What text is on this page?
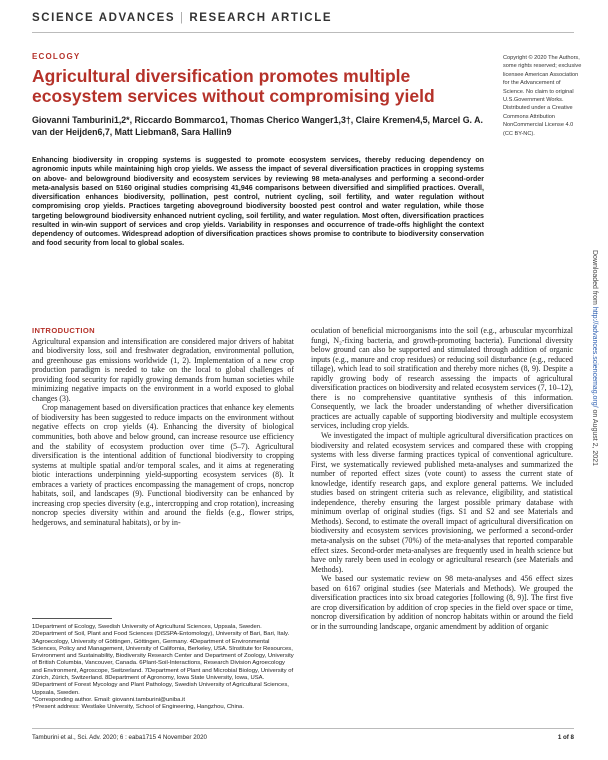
SCIENCE ADVANCES | RESEARCH ARTICLE
ECOLOGY
Agricultural diversification promotes multiple ecosystem services without compromising yield
Giovanni Tamburini1,2*, Riccardo Bommarco1, Thomas Cherico Wanger1,3†, Claire Kremen4,5, Marcel G. A. van der Heijden6,7, Matt Liebman8, Sara Hallin9
Copyright © 2020 The Authors, some rights reserved; exclusive licensee American Association for the Advancement of Science. No claim to original U.S.Government Works. Distributed under a Creative Commons Attribution NonCommercial License 4.0 (CC BY-NC).
Enhancing biodiversity in cropping systems is suggested to promote ecosystem services, thereby reducing dependency on agronomic inputs while maintaining high crop yields. We assess the impact of several diversification practices in cropping systems on above- and belowground biodiversity and ecosystem services by reviewing 98 meta-analyses and performing a second-order meta-analysis based on 5160 original studies comprising 41,946 comparisons between diversified and simplified practices. Overall, diversification enhances biodiversity, pollination, pest control, nutrient cycling, soil fertility, and water regulation without compromising crop yields. Practices targeting aboveground biodiversity boosted pest control and water regulation, while those targeting belowground biodiversity enhanced nutrient cycling, soil fertility, and water regulation. Most often, diversification practices resulted in win-win support of services and crop yields. Variability in responses and occurrence of trade-offs highlight the context dependency of outcomes. Widespread adoption of diversification practices shows promise to contribute to biodiversity conservation and food security from local to global scales.
INTRODUCTION

Agricultural expansion and intensification are considered major drivers of habitat and biodiversity loss, soil and freshwater degradation, environmental pollution, and greenhouse gas emissions worldwide (1, 2). Implementation of a new crop production paradigm is needed to take on the local to global challenges of providing food security for rapidly growing demands from human societies while minimizing negative impacts on the environment in a world exposed to global changes (3).

Crop management based on diversification practices that enhance key elements of biodiversity has been suggested to reduce impacts on the environment without negative effects on crop yields (4). Enhancing the diversity of biological communities, both above and below ground, can increase resource use efficiency and the stability of ecosystem production over time (5–7). Agricultural diversification is the intentional addition of functional biodiversity to cropping systems at multiple spatial and/or temporal scales, and it aims at regenerating biotic interactions underpinning yield-supporting ecosystem services (8). It embraces a variety of practices encompassing the management of crops, noncrop habitats, soil, and landscapes (9). Functional biodiversity can be enhanced by increasing crop species diversity (e.g., intercropping and crop rotation), increasing noncrop species diversity within and around the fields (e.g., flower strips, hedgerows, and seminatural habitats), or by in-

oculation of beneficial microorganisms into the soil (e.g., arbuscular mycorrhizal fungi, N₂-fixing bacteria, and growth-promoting bacteria). Functional diversity below ground can also be supported and stimulated through addition of organic inputs (e.g., manure and crop residues) or reducing soil disturbance (e.g., reduced tillage), which lead to soil stratification and thereby more niches (8, 9). Despite a rapidly growing body of research assessing the impacts of agricultural diversification practices on biodiversity and related ecosystem services (7, 10–12), there is no comprehensive quantitative synthesis of this information. Consequently, we lack the broader understanding of whether diversification practices are actually capable of supporting biodiversity and multiple ecosystem services, including crop yields.

We investigated the impact of multiple agricultural diversification practices on biodiversity and related ecosystem services and compared these with cropping systems with less diverse farming practices typical of conventional agriculture. First, we systematically reviewed published meta-analyses and summarized the number of reported effect sizes (vote count) to assess the current state of knowledge, identify research gaps, and explore general patterns. We included studies based on stringent criteria such as relevance, eligibility, and statistical independence, thereby ensuring the largest possible primary database with minimum overlap of original studies (figs. S1 and S2 and see Materials and Methods). Second, to estimate the overall impact of agricultural diversification on biodiversity and ecosystem services provisioning, we performed a second-order meta-analysis on the subset (70%) of the meta-analyses that reported comparable effect sizes. Second-order meta-analyses are frequently used in health science but have only rarely been used in ecology or agricultural research (see Materials and Methods).

We based our systematic review on 98 meta-analyses and 456 effect sizes based on 6167 original studies (see Materials and Methods). We grouped the diversification practices into six broad categories [following (8, 9)]. The first five are crop diversification by addition of crop species in the field over space or time, noncrop diversification by addition of noncrop habitats within or around the field or in the surrounding landscape, organic amendment by addition of organic

1Department of Ecology, Swedish University of Agricultural Sciences, Uppsala, Sweden. 2Department of Soil, Plant and Food Sciences (DiSSPA-Entomology), University of Bari, Bari, Italy. 3Agroecology, University of Göttingen, Göttingen, Germany. 4Department of Environmental Sciences, Policy and Management, University of California, Berkeley, USA. 5Institute for Resources, Environment and Sustainability, Biodiversity Research Center and Department of Zoology, University of British Columbia, Vancouver, Canada. 6Plant-Soil-Interactions, Research Division Agroecology and Environment, Agroscope, Switzerland. 7Department of Plant and Microbial Biology, University of Zürich, Zürich, Switzerland. 8Department of Agronomy, Iowa State University, Iowa, USA. 9Department of Forest Mycology and Plant Pathology, Swedish University of Agricultural Sciences, Uppsala, Sweden.
*Corresponding author. Email: giovanni.tamburini@uniba.it
†Present address: Westlake University, School of Engineering, Hangzhou, China.
Tamburini et al., Sci. Adv. 2020; 6 : eaba1715 4 November 2020	1 of 8
Downloaded from http://advances.sciencemag.org/ on August 2, 2021
